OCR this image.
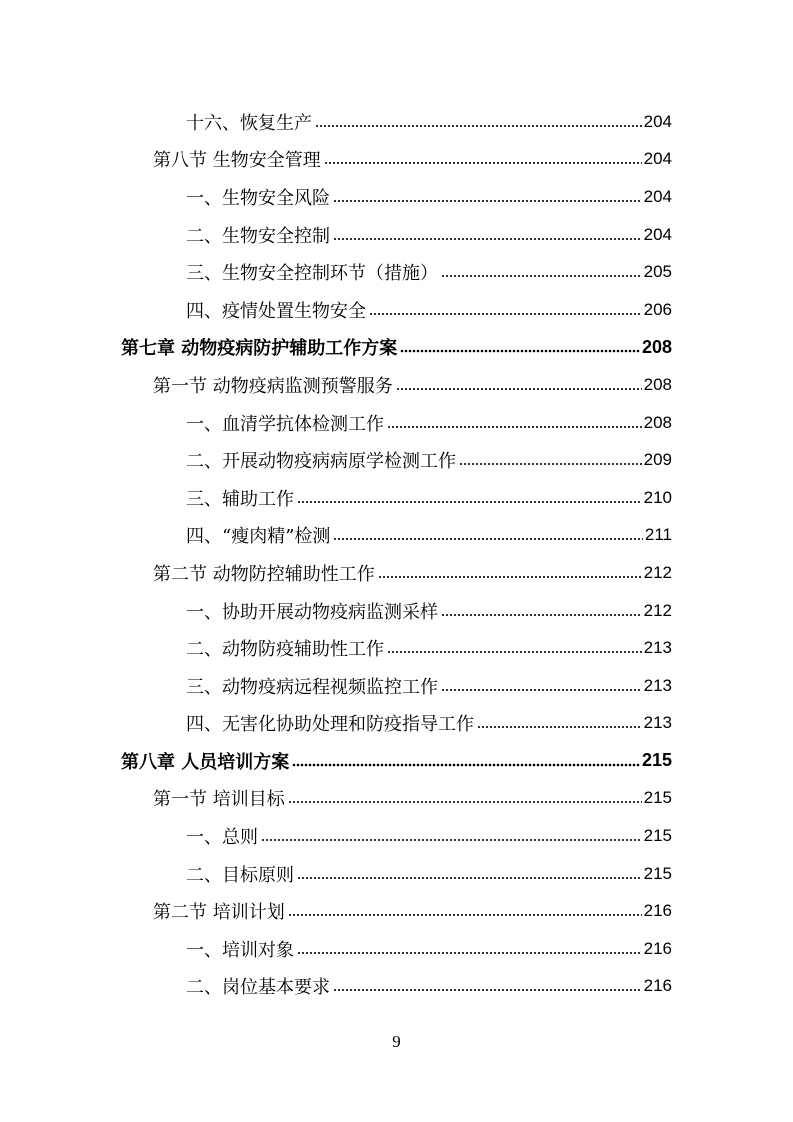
十六、恢复生产	204
第八节 生物安全管理	204
一、生物安全风险	204
二、生物安全控制	204
三、生物安全控制环节（措施）	205
四、疫情处置生物安全	206
第七章 动物疫病防护辅助工作方案	208
第一节 动物疫病监测预警服务	208
一、血清学抗体检测工作	208
二、开展动物疫病病原学检测工作	209
三、辅助工作	210
四、“瘦肉精”检测	211
第二节 动物防控辅助性工作	212
一、协助开展动物疫病监测采样	212
二、动物防疫辅助性工作	213
三、动物疫病远程视频监控工作	213
四、无害化协助处理和防疫指导工作	213
第八章 人员培训方案	215
第一节 培训目标	215
一、总则	215
二、目标原则	215
第二节 培训计划	216
一、培训对象	216
二、岗位基本要求	216
9
